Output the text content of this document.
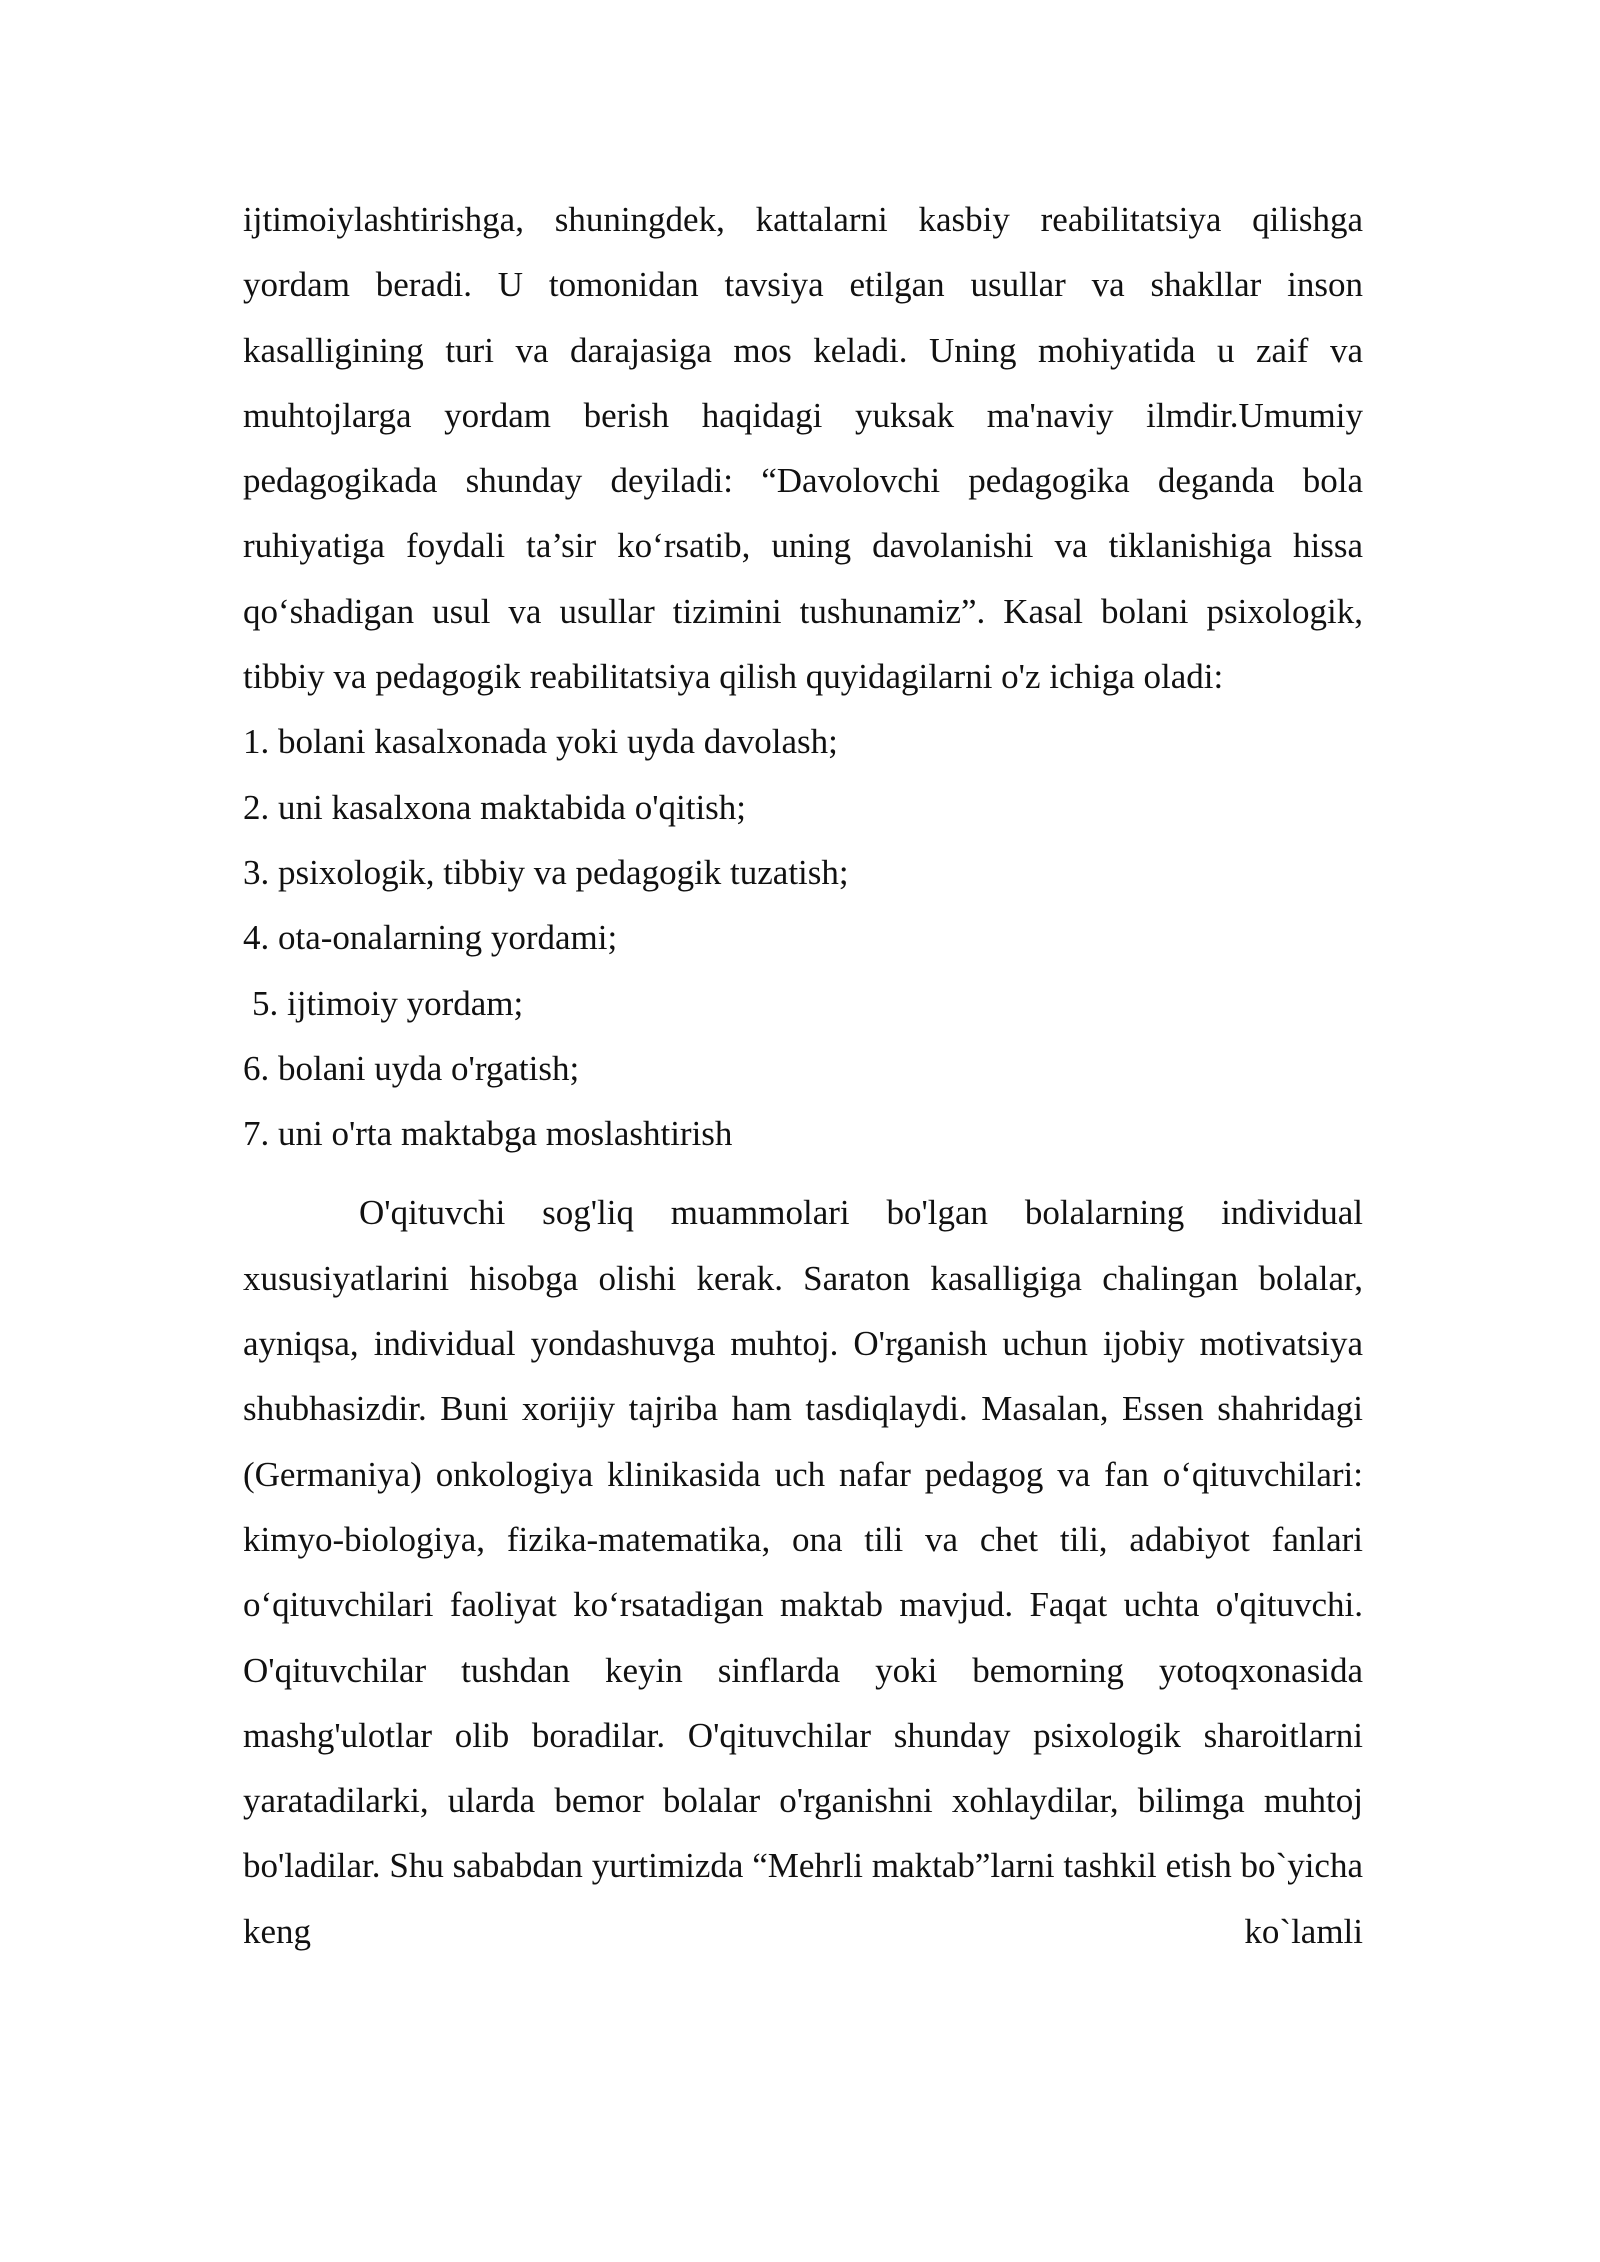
ijtimoiylashtirishga, shuningdek, kattalarni kasbiy reabilitatsiya qilishga yordam beradi. U tomonidan tavsiya etilgan usullar va shakllar inson kasalligining turi va darajasiga mos keladi. Uning mohiyatida u zaif va muhtojlarga yordam berish haqidagi yuksak ma'naviy ilmdir.Umumiy pedagogikada shunday deyiladi: “Davolovchi pedagogika deganda bola ruhiyatiga foydali ta’sir ko‘rsatib, uning davolanishi va tiklanishiga hissa qo‘shadigan usul va usullar tizimini tushunamiz”. Kasal bolani psixologik, tibbiy va pedagogik reabilitatsiya qilish quyidagilarni o'z ichiga oladi:

1. bolani kasalxonada yoki uyda davolash;
2. uni kasalxona maktabida o'qitish;
3. psixologik, tibbiy va pedagogik tuzatish;
4. ota-onalarning yordami;
5. ijtimoiy yordam;
6. bolani uyda o'rgatish;
7. uni o'rta maktabga moslashtirish

O'qituvchi sog'liq muammolari bo'lgan bolalarning individual xususiyatlarini hisobga olishi kerak. Saraton kasalligiga chalingan bolalar, ayniqsa, individual yondashuvga muhtoj. O'rganish uchun ijobiy motivatsiya shubhasizdir. Buni xorijiy tajriba ham tasdiqlaydi. Masalan, Essen shahridagi (Germaniya) onkologiya klinikasida uch nafar pedagog va fan o‘qituvchilari: kimyo-biologiya, fizika-matematika, ona tili va chet tili, adabiyot fanlari o‘qituvchilari faoliyat ko‘rsatadigan maktab mavjud. Faqat uchta o'qituvchi. O'qituvchilar tushdan keyin sinflarda yoki bemorning yotoqxonasida mashg'ulotlar olib boradilar. O'qituvchilar shunday psixologik sharoitlarni yaratadilarki, ularda bemor bolalar o'rganishni xohlaydilar, bilimga muhtoj bo'ladilar. Shu sababdan yurtimizda “Mehrli maktab”larni tashkil etish bo`yicha keng ko`lamli
